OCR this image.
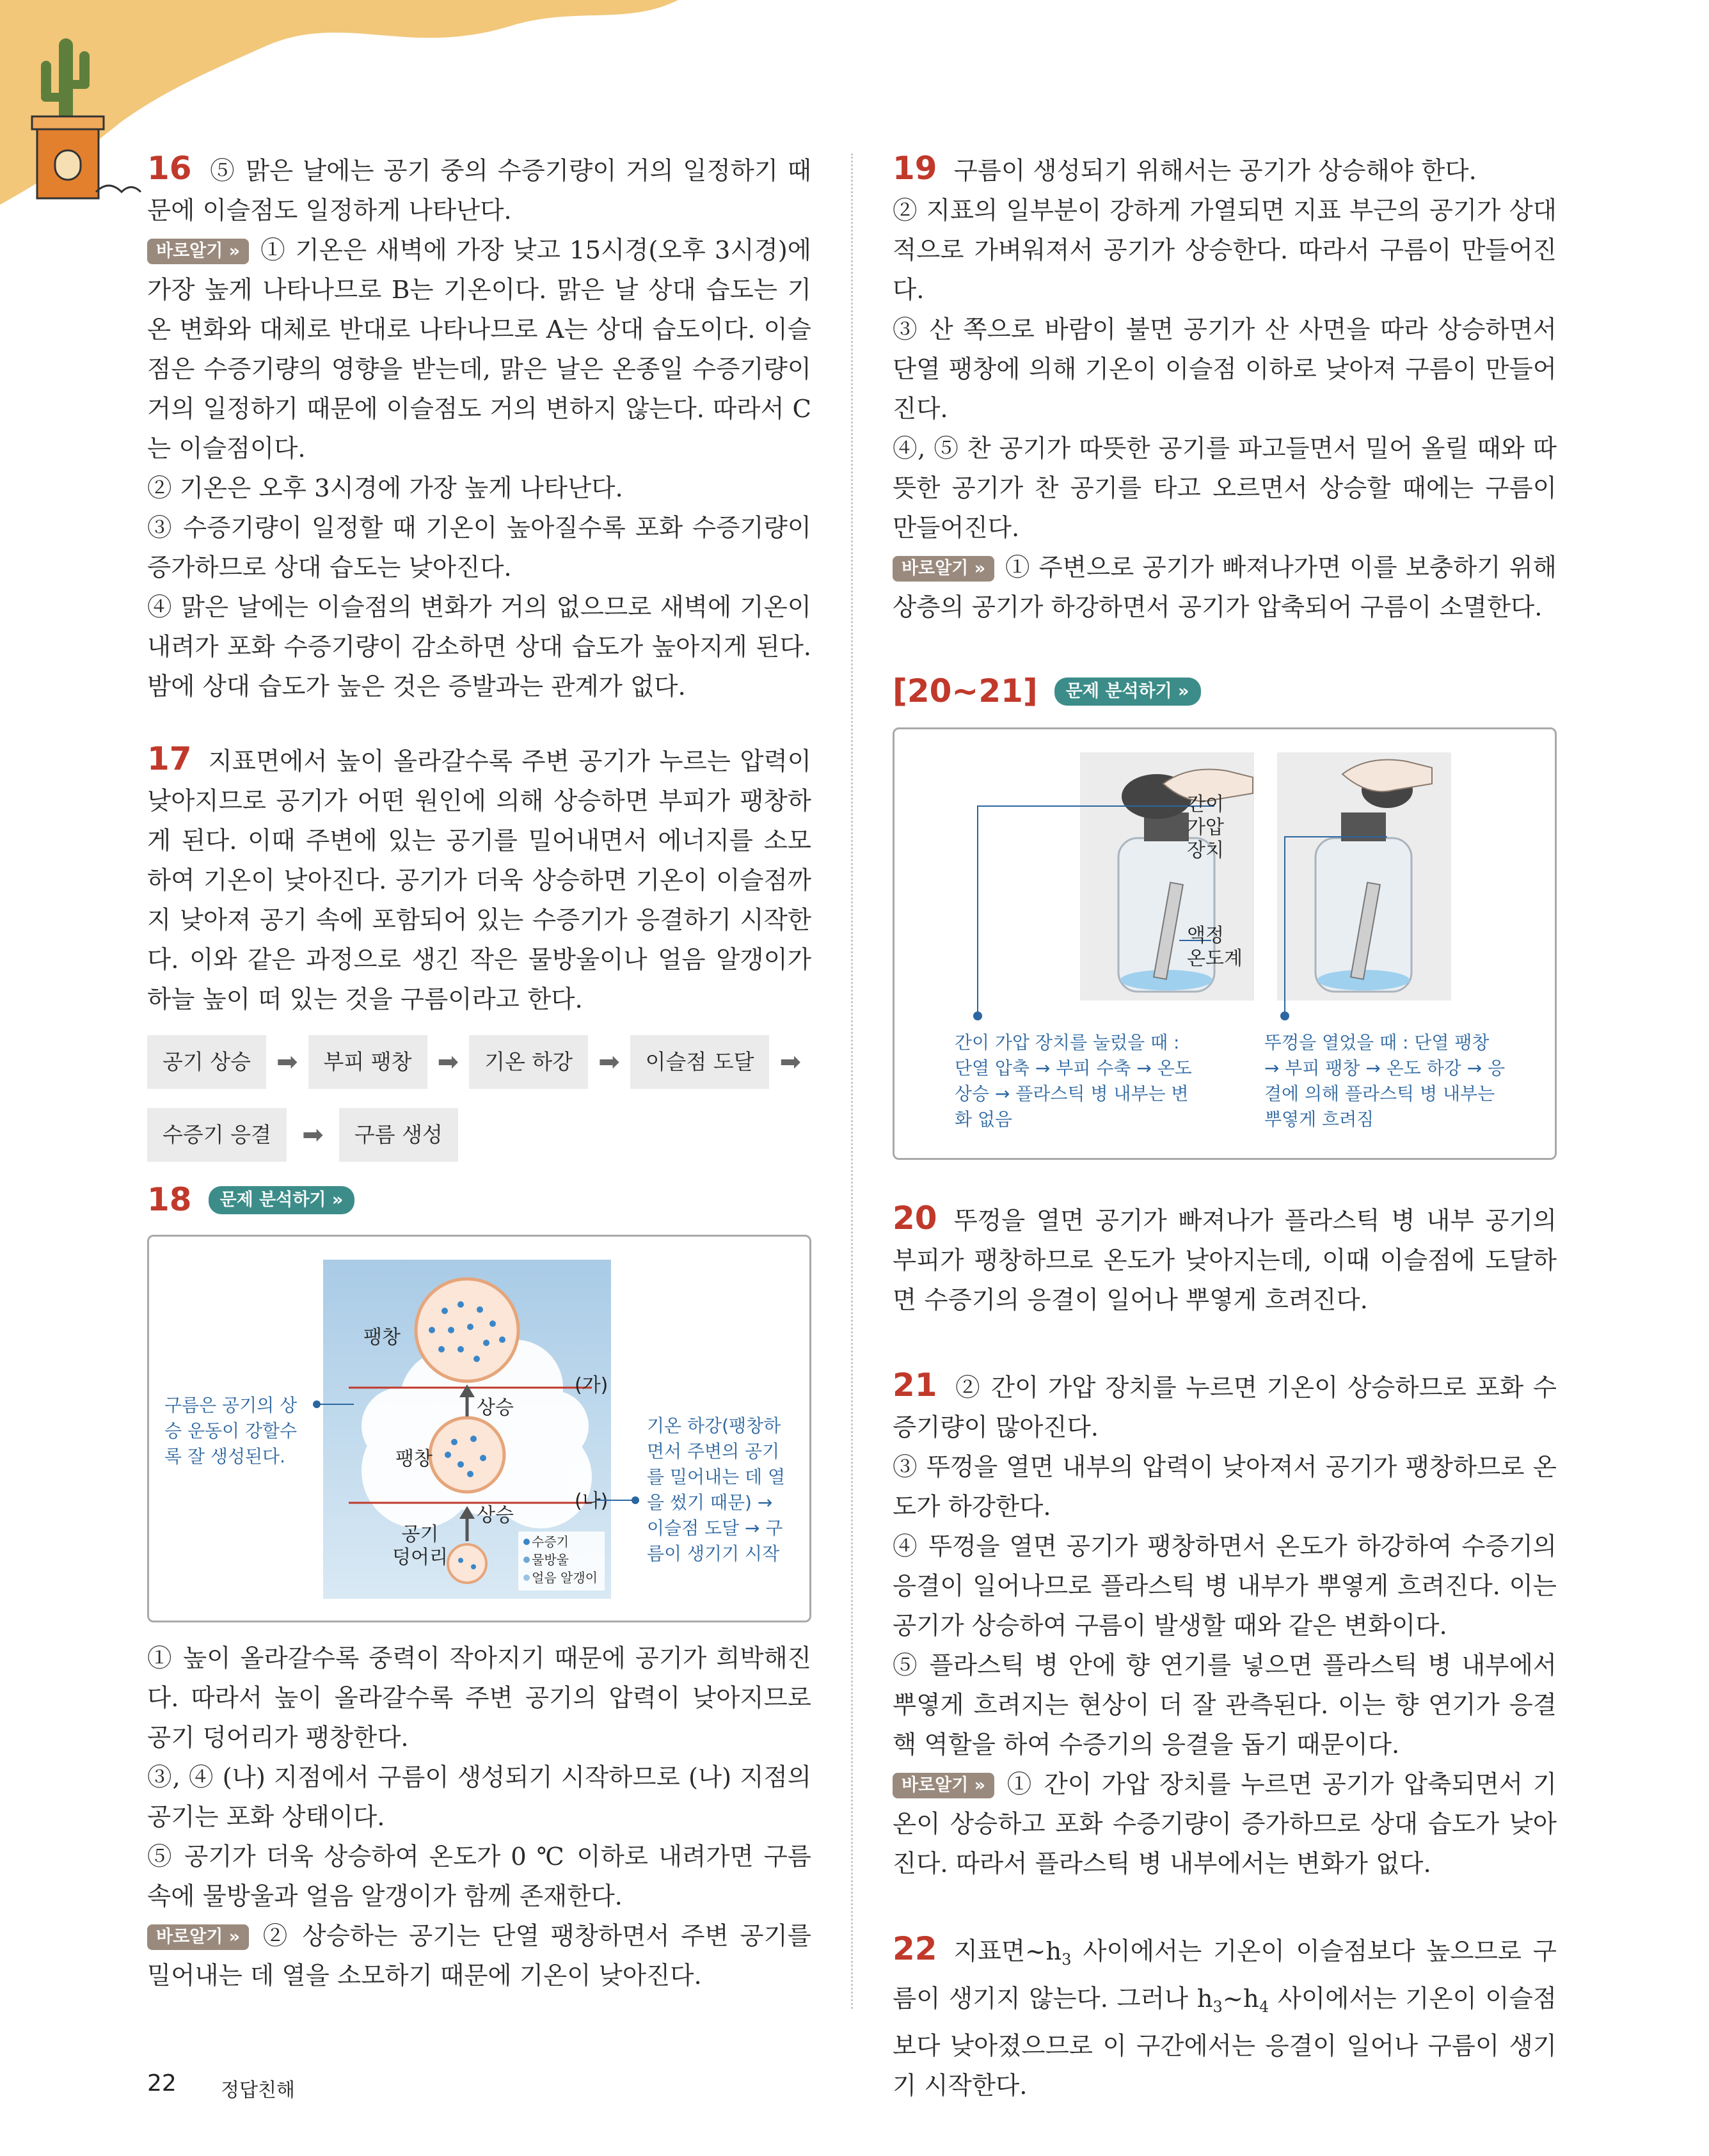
16 ⑤ 맑은 날에는 공기 중의 수증기량이 거의 일정하기 때문에 이슬점도 일정하게 나타난다.

바로알기 » ① 기온은 새벽에 가장 낮고 15시경(오후 3시경)에 가장 높게 나타나므로 B는 기온이다. 맑은 날 상대 습도는 기온 변화와 대체로 반대로 나타나므로 A는 상대 습도이다. 이슬점은 수증기량의 영향을 받는데, 맑은 날은 온종일 수증기량이 거의 일정하기 때문에 이슬점도 거의 변하지 않는다. 따라서 C는 이슬점이다.

② 기온은 오후 3시경에 가장 높게 나타난다.

③ 수증기량이 일정할 때 기온이 높아질수록 포화 수증기량이 증가하므로 상대 습도는 낮아진다.

④ 맑은 날에는 이슬점의 변화가 거의 없으므로 새벽에 기온이 내려가 포화 수증기량이 감소하면 상대 습도가 높아지게 된다. 밤에 상대 습도가 높은 것은 증발과는 관계가 없다.

17 지표면에서 높이 올라갈수록 주변 공기가 누르는 압력이 낮아지므로 공기가 어떤 원인에 의해 상승하면 부피가 팽창하게 된다. 이때 주변에 있는 공기를 밀어내면서 에너지를 소모하여 기온이 낮아진다. 공기가 더욱 상승하면 기온이 이슬점까지 낮아져 공기 속에 포함되어 있는 수증기가 응결하기 시작한다. 이와 같은 과정으로 생긴 작은 물방울이나 얼음 알갱이가 하늘 높이 떠 있는 것을 구름이라고 한다.

공기 상승	➡	부피 팽창	➡	기온 하강	➡	이슬점 도달	➡
수증기 응결	➡	구름 생성
18 문제 분석하기 »
팽창
팽창
상승
상승
(가)
(나)
공기
덩어리
수증기
물방울
얼음 알갱이
구름은 공기의 상승 운동이 강할수록 잘 생성된다.
기온 하강(팽창하면서 주변의 공기를 밀어내는 데 열을 썼기 때문) → 이슬점 도달 → 구름이 생기기 시작

① 높이 올라갈수록 중력이 작아지기 때문에 공기가 희박해진다. 따라서 높이 올라갈수록 주변 공기의 압력이 낮아지므로 공기 덩어리가 팽창한다.

③, ④ (나) 지점에서 구름이 생성되기 시작하므로 (나) 지점의 공기는 포화 상태이다.

⑤ 공기가 더욱 상승하여 온도가 0 ℃ 이하로 내려가면 구름 속에 물방울과 얼음 알갱이가 함께 존재한다.

바로알기 » ② 상승하는 공기는 단열 팽창하면서 주변 공기를 밀어내는 데 열을 소모하기 때문에 기온이 낮아진다.

19 구름이 생성되기 위해서는 공기가 상승해야 한다.

② 지표의 일부분이 강하게 가열되면 지표 부근의 공기가 상대적으로 가벼워져서 공기가 상승한다. 따라서 구름이 만들어진다.

③ 산 쪽으로 바람이 불면 공기가 산 사면을 따라 상승하면서 단열 팽창에 의해 기온이 이슬점 이하로 낮아져 구름이 만들어진다.

④, ⑤ 찬 공기가 따뜻한 공기를 파고들면서 밀어 올릴 때와 따뜻한 공기가 찬 공기를 타고 오르면서 상승할 때에는 구름이 만들어진다.

바로알기 » ① 주변으로 공기가 빠져나가면 이를 보충하기 위해 상층의 공기가 하강하면서 공기가 압축되어 구름이 소멸한다.

[20~21] 문제 분석하기 »
간이
가압
장치
액정
온도계
간이 가압 장치를 눌렀을 때 : 단열 압축 → 부피 수축 → 온도 상승 → 플라스틱 병 내부는 변화 없음
뚜껑을 열었을 때 : 단열 팽창 → 부피 팽창 → 온도 하강 → 응결에 의해 플라스틱 병 내부는 뿌옇게 흐려짐

20 뚜껑을 열면 공기가 빠져나가 플라스틱 병 내부 공기의 부피가 팽창하므로 온도가 낮아지는데, 이때 이슬점에 도달하면 수증기의 응결이 일어나 뿌옇게 흐려진다.

21 ② 간이 가압 장치를 누르면 기온이 상승하므로 포화 수증기량이 많아진다.

③ 뚜껑을 열면 내부의 압력이 낮아져서 공기가 팽창하므로 온도가 하강한다.

④ 뚜껑을 열면 공기가 팽창하면서 온도가 하강하여 수증기의 응결이 일어나므로 플라스틱 병 내부가 뿌옇게 흐려진다. 이는 공기가 상승하여 구름이 발생할 때와 같은 변화이다.

⑤ 플라스틱 병 안에 향 연기를 넣으면 플라스틱 병 내부에서 뿌옇게 흐려지는 현상이 더 잘 관측된다. 이는 향 연기가 응결핵 역할을 하여 수증기의 응결을 돕기 때문이다.

바로알기 » ① 간이 가압 장치를 누르면 공기가 압축되면서 기온이 상승하고 포화 수증기량이 증가하므로 상대 습도가 낮아진다. 따라서 플라스틱 병 내부에서는 변화가 없다.

22 지표면$\sim h_3$ 사이에서는 기온이 이슬점보다 높으므로 구름이 생기지 않는다. 그러나 $h_3\sim h_4$ 사이에서는 기온이 이슬점보다 낮아졌으므로 이 구간에서는 응결이 일어나 구름이 생기기 시작한다.

22 정답친해
